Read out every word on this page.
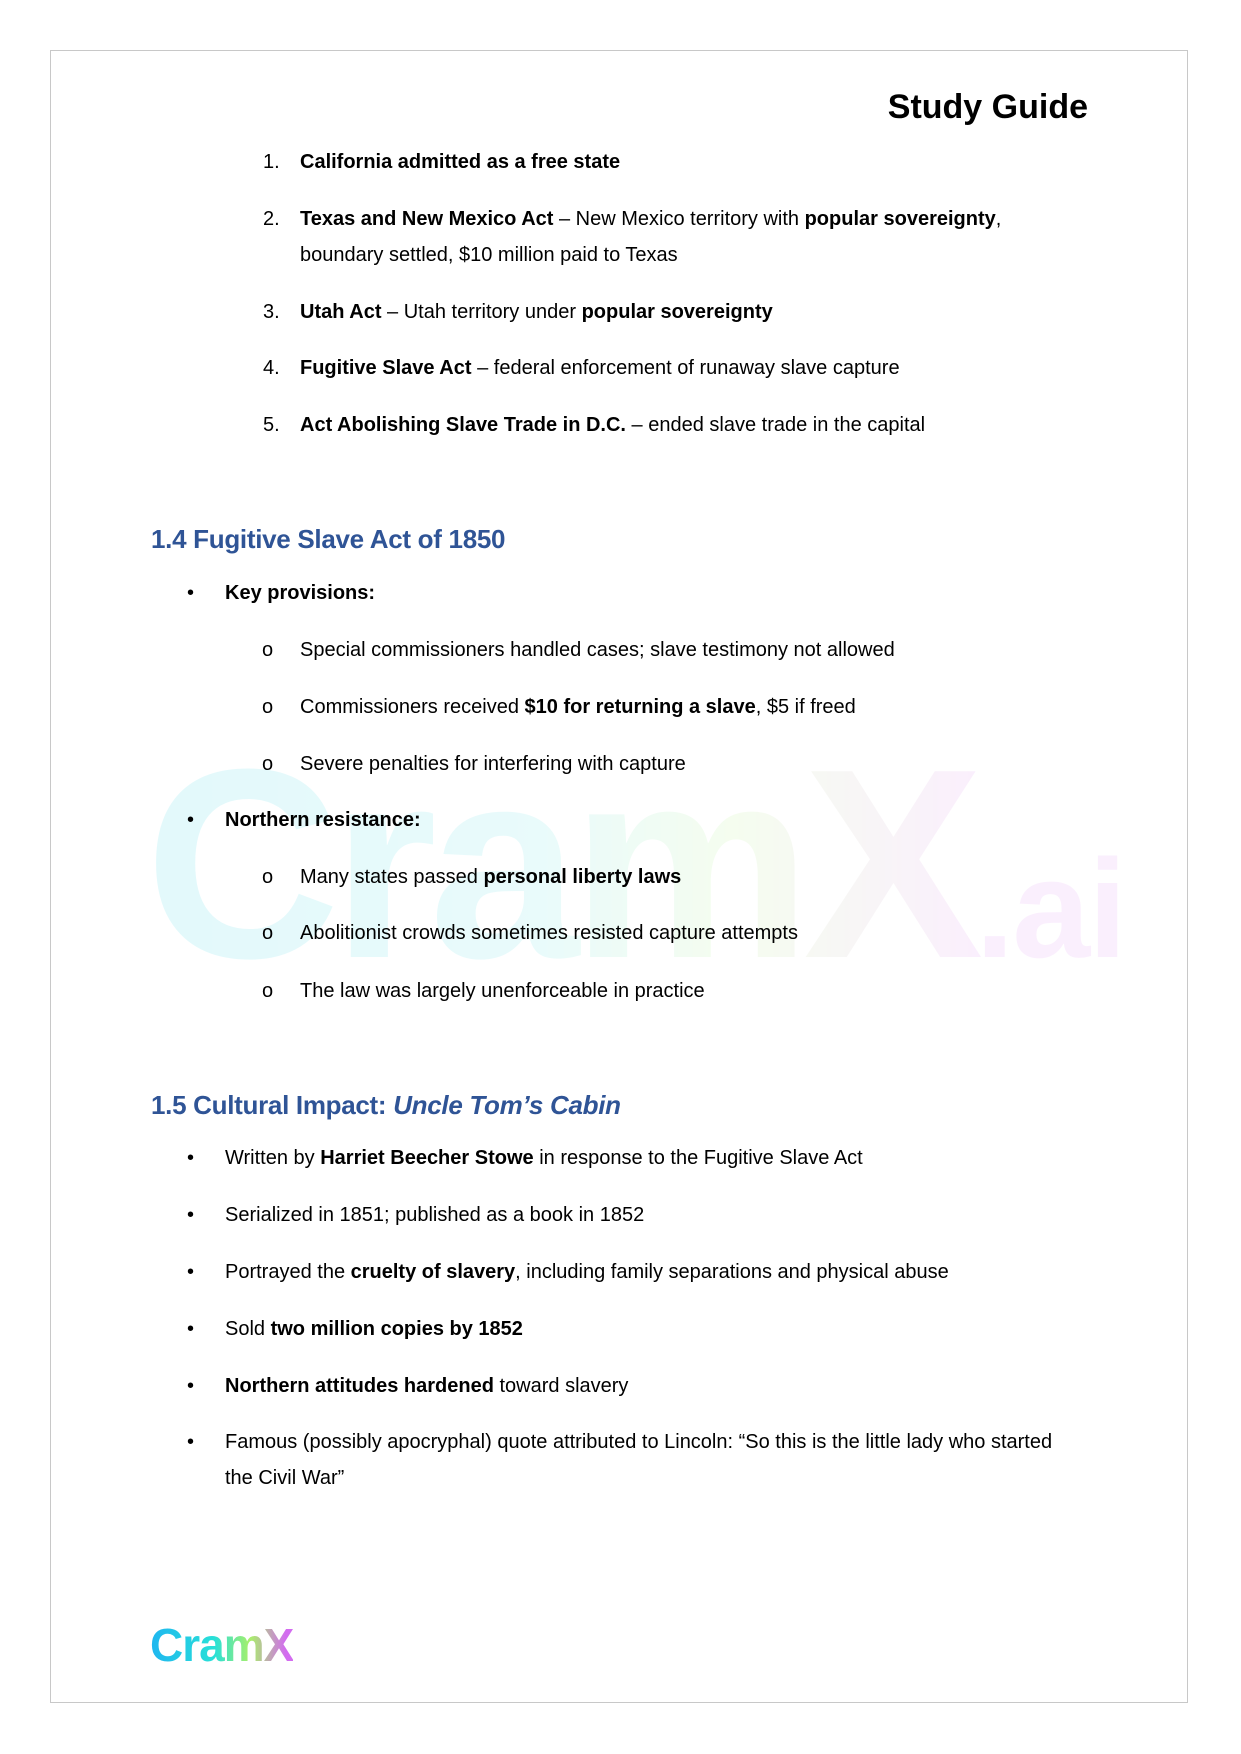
CramX.ai
Study Guide
1. California admitted as a free state
2. Texas and New Mexico Act – New Mexico territory with popular sovereignty,
boundary settled, $10 million paid to Texas
3. Utah Act – Utah territory under popular sovereignty
4. Fugitive Slave Act – federal enforcement of runaway slave capture
5. Act Abolishing Slave Trade in D.C. – ended slave trade in the capital
1.4 Fugitive Slave Act of 1850
• Key provisions:
o Special commissioners handled cases; slave testimony not allowed
o Commissioners received $10 for returning a slave, $5 if freed
o Severe penalties for interfering with capture
• Northern resistance:
o Many states passed personal liberty laws
o Abolitionist crowds sometimes resisted capture attempts
o The law was largely unenforceable in practice
1.5 Cultural Impact: Uncle Tom’s Cabin
• Written by Harriet Beecher Stowe in response to the Fugitive Slave Act
• Serialized in 1851; published as a book in 1852
• Portrayed the cruelty of slavery, including family separations and physical abuse
• Sold two million copies by 1852
• Northern attitudes hardened toward slavery
• Famous (possibly apocryphal) quote attributed to Lincoln: “So this is the little lady who started
the Civil War”
CramX
